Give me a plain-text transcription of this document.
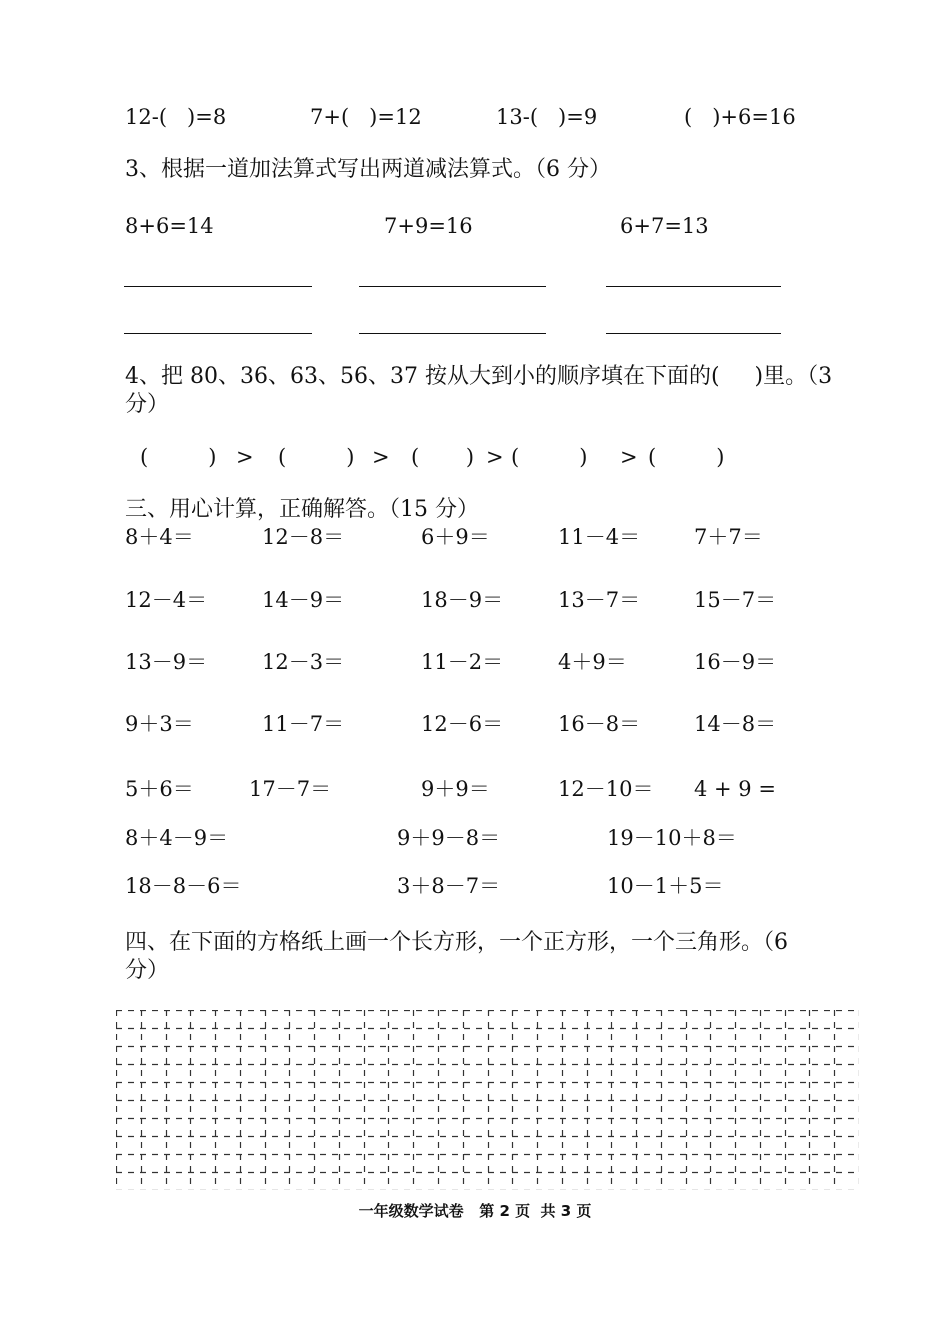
12-(   )=8	7+(   )=12	13-(   )=9	(   )+6=16
3、根据一道加法算式写出两道减法算式。（6 分）
8+6=14	7+9=16	6+7=13
4、把 80、36、63、56、37 按从大到小的顺序填在下面的(     )里。（3
分）
(         ) > (         ) > (       ) > (         ) > (         )
三、用心计算，正确解答。（15 分）
8＋4＝	12－8＝	6＋9＝	11－4＝	7＋7＝
12－4＝	14－9＝	18－9＝	13－7＝	15－7＝
13－9＝	12－3＝	11－2＝	4＋9＝	16－9＝
9＋3＝	11－7＝	12－6＝	16－8＝	14－8＝
5＋6＝	17－7＝	9＋9＝	12－10＝ 4 + 9 =
8＋4－9＝	9＋9－8＝	19－10＋8＝
18－8－6＝	3＋8－7＝	10－1＋5＝
四、在下面的方格纸上画一个长方形，一个正方形，一个三角形。（6
分）
一年级数学试卷   第 2 页  共 3 页
